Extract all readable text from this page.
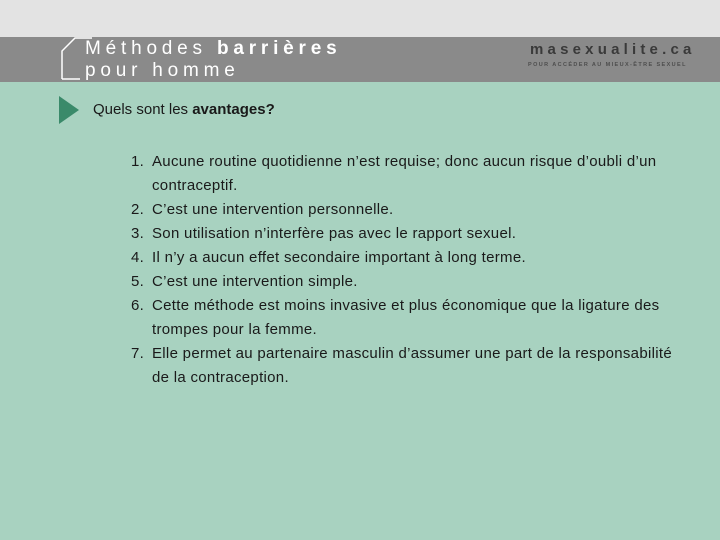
Méthodes barrières
pour homme
masexualite.ca
POUR ACCÉDER AU MIEUX-ÊTRE SEXUEL
Quels sont les avantages?
1. Aucune routine quotidienne n’est requise; donc aucun risque d’oubli d’un contraceptif.
2. C’est une intervention personnelle.
3. Son utilisation n’interfère pas avec le rapport sexuel.
4. Il n’y a aucun effet secondaire important à long terme.
5. C’est une intervention simple.
6. Cette méthode est moins invasive et plus économique que la ligature des trompes pour la femme.
7. Elle permet au partenaire masculin d’assumer une part de la responsabilité de la contraception.
